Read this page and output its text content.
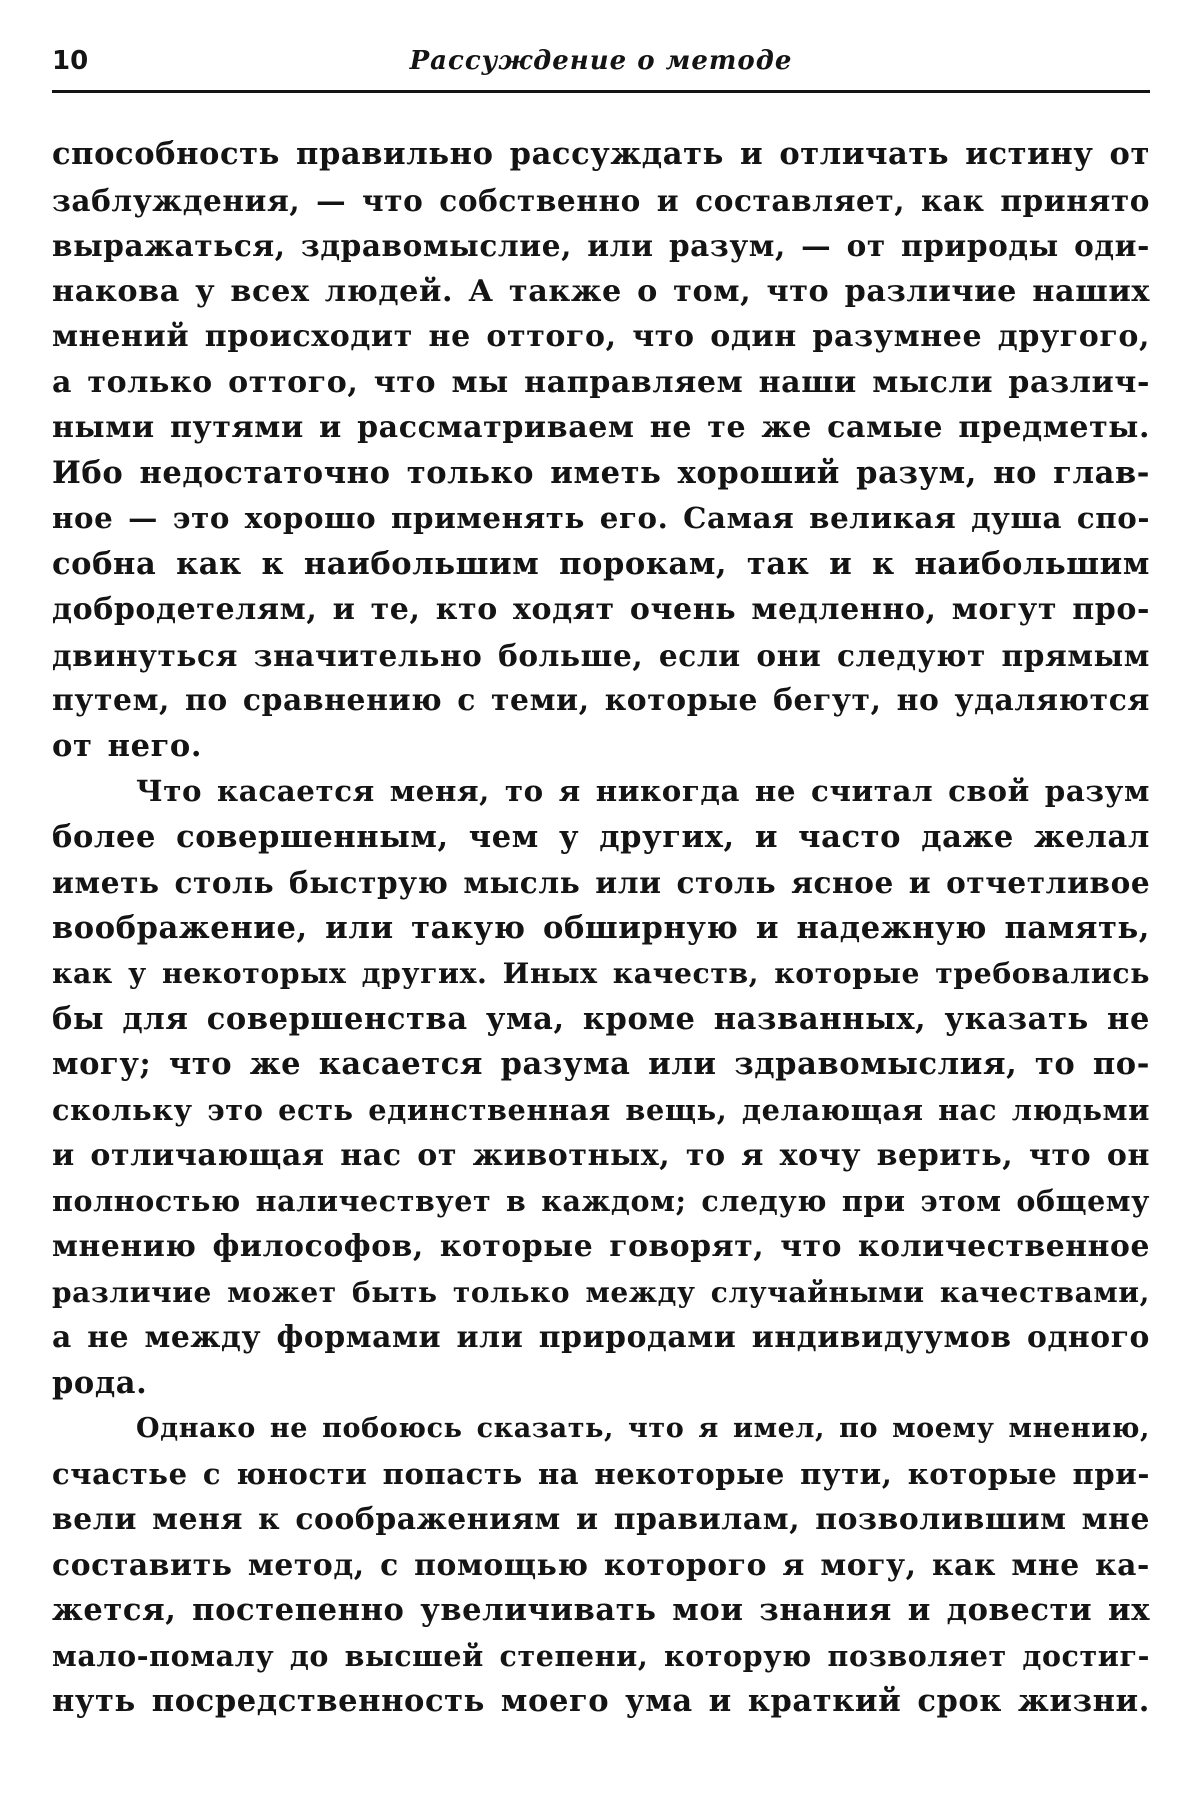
10	Рассуждение о методе

способность правильно рассуждать и отличать истину от
заблуждения, — что собственно и составляет, как принято
выражаться, здравомыслие, или разум, — от природы оди-
накова у всех людей. А также о том, что различие наших
мнений происходит не оттого, что один разумнее другого,
а только оттого, что мы направляем наши мысли различ-
ными путями и рассматриваем не те же самые предметы.
Ибо недостаточно только иметь хороший разум, но глав-
ное — это хорошо применять его. Самая великая душа спо-
собна как к наибольшим порокам, так и к наибольшим
добродетелям, и те, кто ходят очень медленно, могут про-
двинуться значительно больше, если они следуют прямым
путем, по сравнению с теми, которые бегут, но удаляются
от него.

Что касается меня, то я никогда не считал свой разум
более совершенным, чем у других, и часто даже желал
иметь столь быструю мысль или столь ясное и отчетливое
воображение, или такую обширную и надежную память,
как у некоторых других. Иных качеств, которые требовались
бы для совершенства ума, кроме названных, указать не
могу; что же касается разума или здравомыслия, то по-
скольку это есть единственная вещь, делающая нас людьми
и отличающая нас от животных, то я хочу верить, что он
полностью наличествует в каждом; следую при этом общему
мнению философов, которые говорят, что количественное
различие может быть только между случайными качествами,
а не между формами или природами индивидуумов одного
рода.

Однако не побоюсь сказать, что я имел, по моему мнению,
счастье с юности попасть на некоторые пути, которые при-
вели меня к соображениям и правилам, позволившим мне
составить метод, с помощью которого я могу, как мне ка-
жется, постепенно увеличивать мои знания и довести их
мало-помалу до высшей степени, которую позволяет достиг-
нуть посредственность моего ума и краткий срок жизни.
